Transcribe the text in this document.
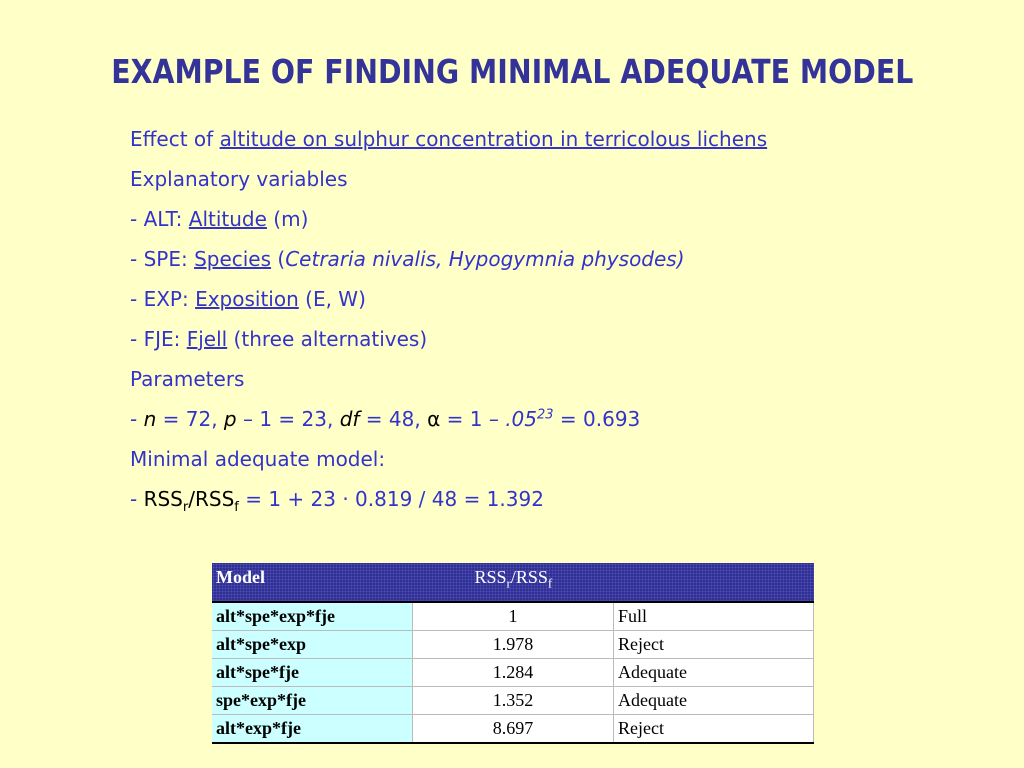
EXAMPLE OF FINDING MINIMAL ADEQUATE MODEL
Effect of altitude on sulphur concentration in terricolous lichens
Explanatory variables
- ALT: Altitude (m)
- SPE: Species (Cetraria nivalis, Hypogymnia physodes)
- EXP: Exposition (E, W)
- FJE: Fjell (three alternatives)
Parameters
- n = 72, p – 1 = 23, df = 48, $\alpha = 1 - .05^{23} = 0.693$
Minimal adequate model:
- $RSS_r/RSS_f = 1 + 23 \cdot 0.819 / 48 = 1.392$
Model	$RSS_r/RSS_f$
alt*spe*exp*fje	1	Full
alt*spe*exp	1.978	Reject
alt*spe*fje	1.284	Adequate
spe*exp*fje	1.352	Adequate
alt*exp*fje	8.697	Reject
